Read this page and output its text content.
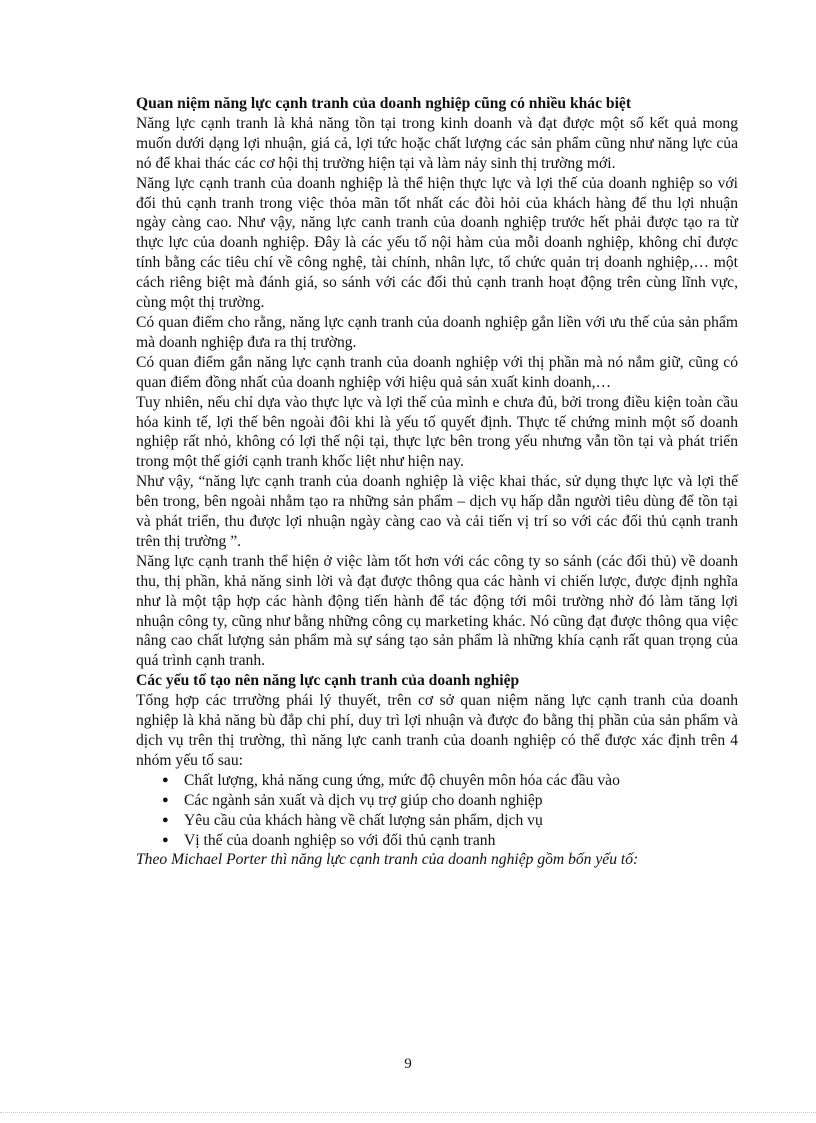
Quan niệm năng lực cạnh tranh của doanh nghiệp cũng có nhiều khác biệt

Năng lực cạnh tranh là khả năng tồn tại trong kinh doanh và đạt được một số kết quả mong muốn dưới dạng lợi nhuận, giá cả, lợi tức hoặc chất lượng các sản phẩm cũng như năng lực của nó để khai thác các cơ hội thị trường hiện tại và làm nảy sinh thị trường mới.

Năng lực cạnh tranh của doanh nghiệp là thể hiện thực lực và lợi thế của doanh nghiệp so với đối thủ cạnh tranh trong việc thỏa mãn tốt nhất các đòi hỏi của khách hàng để thu lợi nhuận ngày càng cao. Như vậy, năng lực canh tranh của doanh nghiệp trước hết phải được tạo ra từ thực lực của doanh nghiệp. Đây là các yếu tố nội hàm của mỗi doanh nghiệp, không chỉ được tính bằng các tiêu chí về công nghệ, tài chính, nhân lực, tổ chức quản trị doanh nghiệp,… một cách riêng biệt mà đánh giá, so sánh với các đối thủ cạnh tranh hoạt động trên cùng lĩnh vực, cùng một thị trường.

Có quan điểm cho rằng, năng lực cạnh tranh của doanh nghiệp gắn liền với ưu thế của sản phẩm mà doanh nghiệp đưa ra thị trường.

Có quan điểm gắn năng lực cạnh tranh của doanh nghiệp với thị phần mà nó nắm giữ, cũng có quan điểm đồng nhất của doanh nghiệp với hiệu quả sản xuất kinh doanh,…

Tuy nhiên, nếu chỉ dựa vào thực lực và lợi thế của mình e chưa đủ, bởi trong điều kiện toàn cầu hóa kinh tế, lợi thế bên ngoài đôi khi là yếu tố quyết định. Thực tế chứng minh một số doanh nghiệp rất nhỏ, không có lợi thế nội tại, thực lực bên trong yếu nhưng vẫn tồn tại và phát triển trong một thế giới cạnh tranh khốc liệt như hiện nay.

Như vậy, “năng lực cạnh tranh của doanh nghiệp là việc khai thác, sử dụng thực lực và lợi thế bên trong, bên ngoài nhằm tạo ra những sản phẩm – dịch vụ hấp dẫn người tiêu dùng để tồn tại và phát triển, thu được lợi nhuận ngày càng cao và cải tiến vị trí so với các đối thủ cạnh tranh trên thị trường ”.

Năng lực cạnh tranh thể hiện ở việc làm tốt hơn với các công ty so sánh (các đối thủ) về doanh thu, thị phần, khả năng sinh lời và đạt được thông qua các hành vi chiến lược, được định nghĩa như là một tập hợp các hành động tiến hành để tác động tới môi trường nhờ đó làm tăng lợi nhuận công ty, cũng như bằng những công cụ marketing khác. Nó cũng đạt được thông qua việc nâng cao chất lượng sản phẩm mà sự sáng tạo sản phẩm là những khía cạnh rất quan trọng của quá trình cạnh tranh.

Các yếu tố tạo nên năng lực cạnh tranh của doanh nghiệp

Tổng hợp các trrường phái lý thuyết, trên cơ sở quan niệm năng lực cạnh tranh của doanh nghiệp là khả năng bù đắp chi phí, duy trì lợi nhuận và được đo bằng thị phần của sản phẩm và dịch vụ trên thị trường, thì năng lực canh tranh của doanh nghiệp có thể được xác định trên 4 nhóm yếu tố sau:

● Chất lượng, khả năng cung ứng, mức độ chuyên môn hóa các đầu vào
● Các ngành sản xuất và dịch vụ trợ giúp cho doanh nghiệp
● Yêu cầu của khách hàng về chất lượng sản phẩm, dịch vụ
● Vị thế của doanh nghiệp so với đối thủ cạnh tranh

Theo Michael Porter thì năng lực cạnh tranh của doanh nghiệp gồm bốn yếu tố:

9
